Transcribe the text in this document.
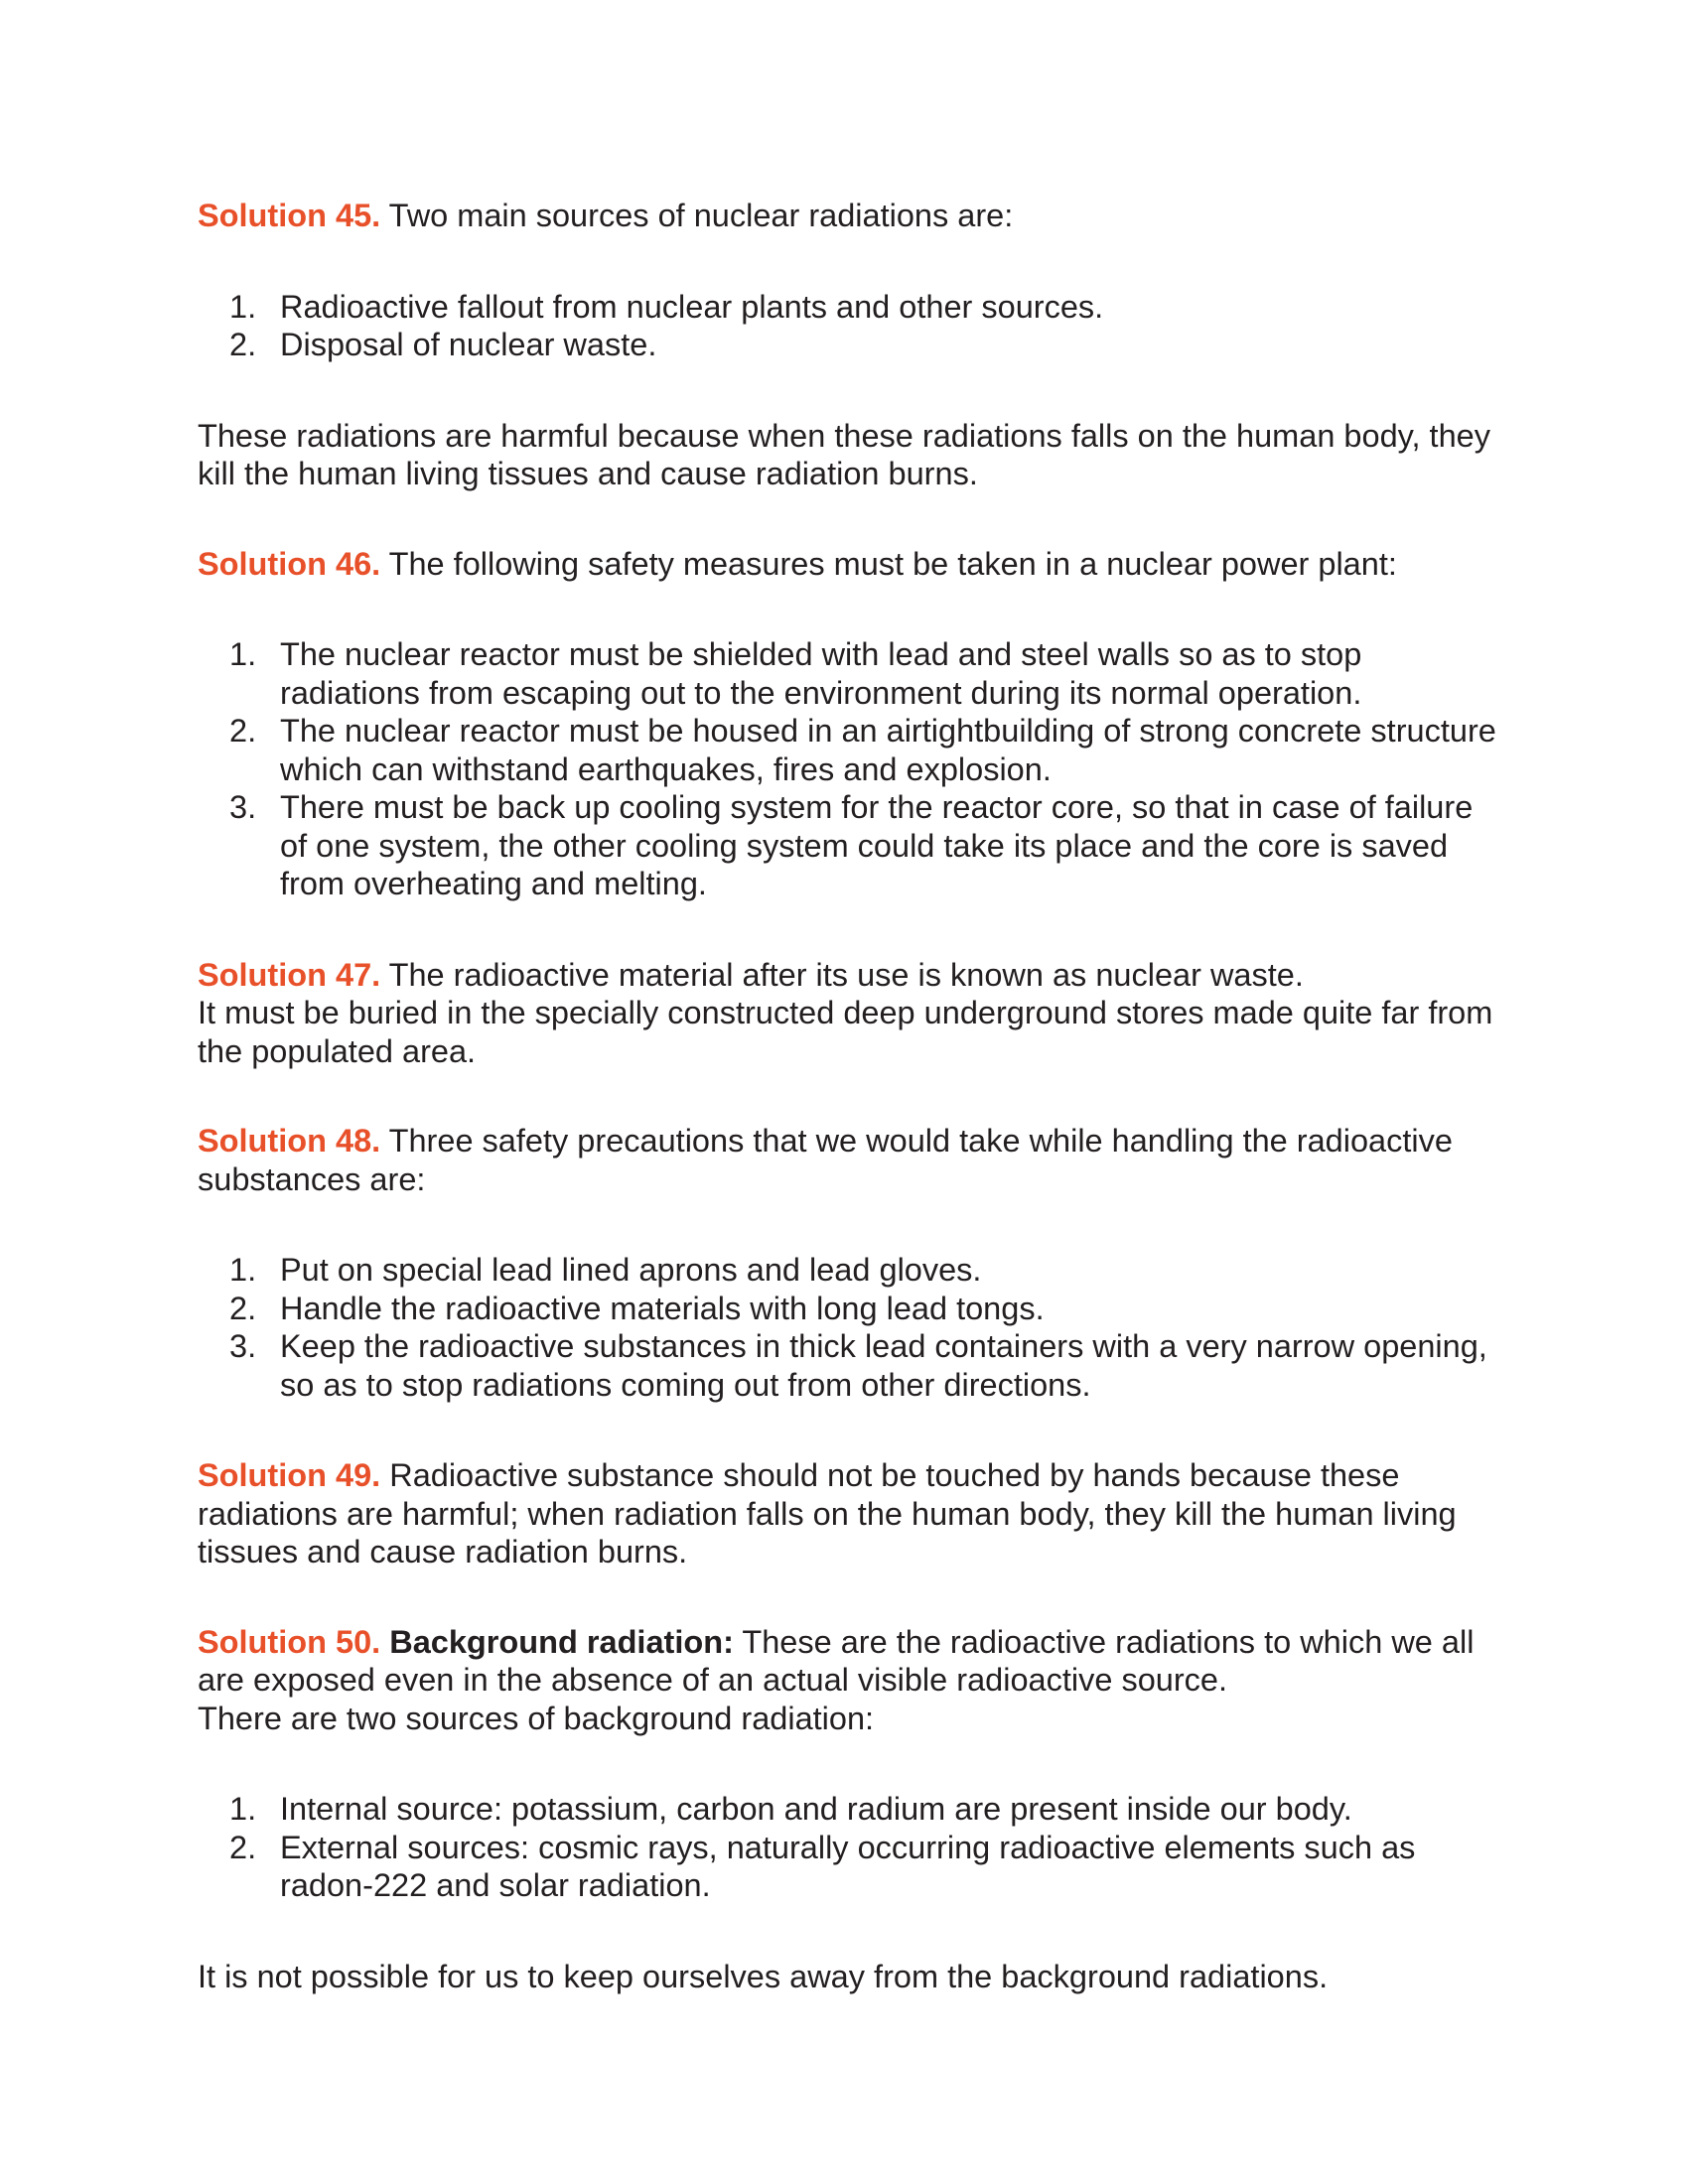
Solution 45. Two main sources of nuclear radiations are:

1. Radioactive fallout from nuclear plants and other sources.
2. Disposal of nuclear waste.

These radiations are harmful because when these radiations falls on the human body, they kill the human living tissues and cause radiation burns.

Solution 46. The following safety measures must be taken in a nuclear power plant:

1. The nuclear reactor must be shielded with lead and steel walls so as to stop radiations from escaping out to the environment during its normal operation.
2. The nuclear reactor must be housed in an airtightbuilding of strong concrete structure which can withstand earthquakes, fires and explosion.
3. There must be back up cooling system for the reactor core, so that in case of failure of one system, the other cooling system could take its place and the core is saved from overheating and melting.

Solution 47. The radioactive material after its use is known as nuclear waste.

It must be buried in the specially constructed deep underground stores made quite far from the populated area.

Solution 48. Three safety precautions that we would take while handling the radioactive substances are:

1. Put on special lead lined aprons and lead gloves.
2. Handle the radioactive materials with long lead tongs.
3. Keep the radioactive substances in thick lead containers with a very narrow opening, so as to stop radiations coming out from other directions.

Solution 49. Radioactive substance should not be touched by hands because these radiations are harmful; when radiation falls on the human body, they kill the human living tissues and cause radiation burns.

Solution 50. Background radiation: These are the radioactive radiations to which we all are exposed even in the absence of an actual visible radioactive source.

There are two sources of background radiation:

1. Internal source: potassium, carbon and radium are present inside our body.
2. External sources: cosmic rays, naturally occurring radioactive elements such as radon-222 and solar radiation.

It is not possible for us to keep ourselves away from the background radiations.
